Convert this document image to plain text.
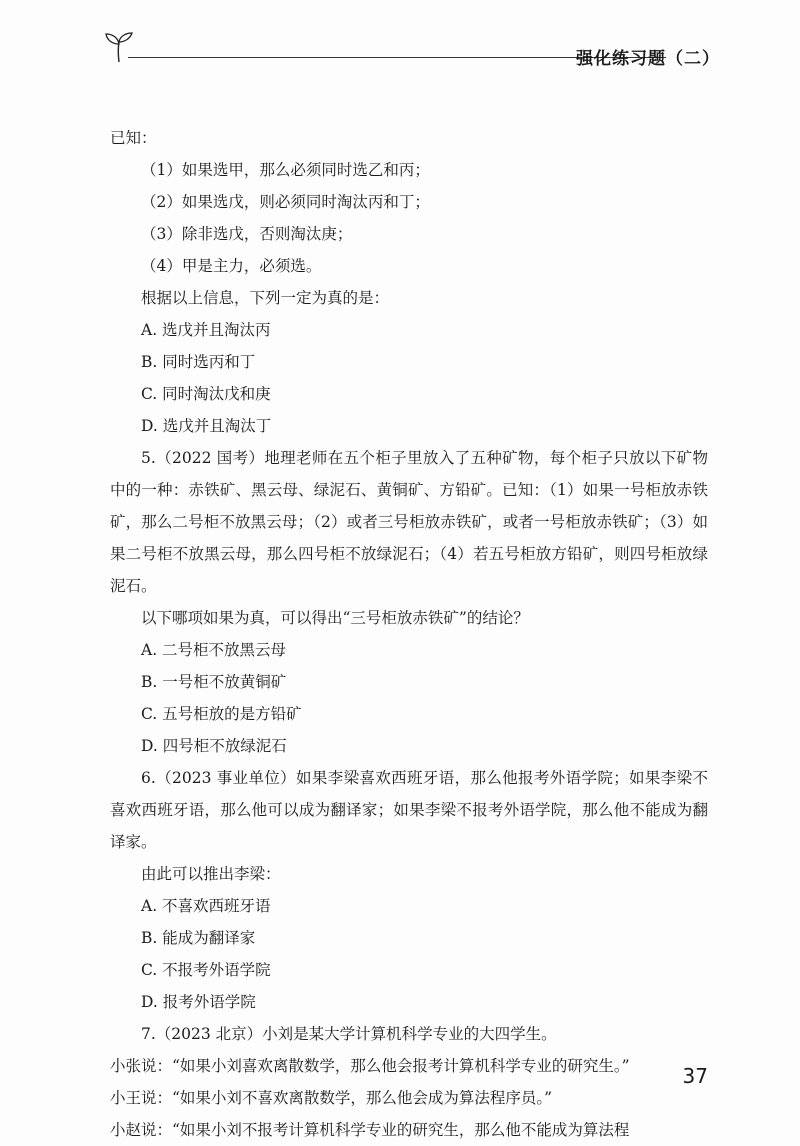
强化练习题（二）
已知：
（1）如果选甲，那么必须同时选乙和丙；
（2）如果选戊，则必须同时淘汰丙和丁；
（3）除非选戊，否则淘汰庚；
（4）甲是主力，必须选。
根据以上信息，下列一定为真的是：
A. 选戊并且淘汰丙
B. 同时选丙和丁
C. 同时淘汰戊和庚
D. 选戊并且淘汰丁
5.（2022 国考）地理老师在五个柜子里放入了五种矿物，每个柜子只放以下矿物中的一种：赤铁矿、黑云母、绿泥石、黄铜矿、方铅矿。已知：（1）如果一号柜放赤铁矿，那么二号柜不放黑云母；（2）或者三号柜放赤铁矿，或者一号柜放赤铁矿；（3）如果二号柜不放黑云母，那么四号柜不放绿泥石；（4）若五号柜放方铅矿，则四号柜放绿泥石。
以下哪项如果为真，可以得出“三号柜放赤铁矿”的结论？
A. 二号柜不放黑云母
B. 一号柜不放黄铜矿
C. 五号柜放的是方铅矿
D. 四号柜不放绿泥石
6.（2023 事业单位）如果李梁喜欢西班牙语，那么他报考外语学院；如果李梁不喜欢西班牙语，那么他可以成为翻译家；如果李梁不报考外语学院，那么他不能成为翻译家。
由此可以推出李梁：
A. 不喜欢西班牙语
B. 能成为翻译家
C. 不报考外语学院
D. 报考外语学院
7.（2023 北京）小刘是某大学计算机科学专业的大四学生。
小张说：“如果小刘喜欢离散数学，那么他会报考计算机科学专业的研究生。”
小王说：“如果小刘不喜欢离散数学，那么他会成为算法程序员。”
小赵说：“如果小刘不报考计算机科学专业的研究生，那么他不能成为算法程
37
